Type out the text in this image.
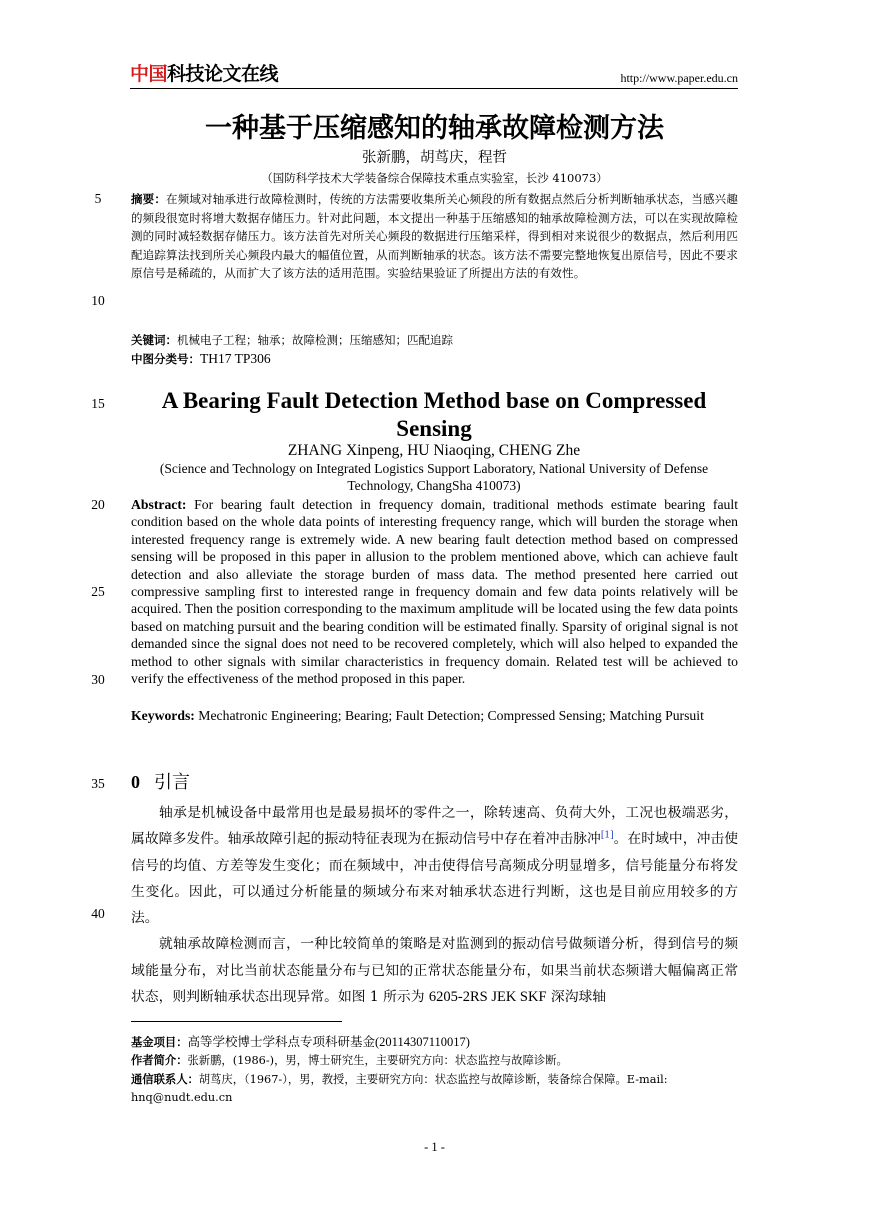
中国科技论文在线	http://www.paper.edu.cn
5
10
15
20
25
30
35
40
一种基于压缩感知的轴承故障检测方法
张新鹏，胡茑庆，程哲
（国防科学技术大学装备综合保障技术重点实验室，长沙 410073）
摘要：在频域对轴承进行故障检测时，传统的方法需要收集所关心频段的所有数据点然后分析判断轴承状态，当感兴趣的频段很宽时将增大数据存储压力。针对此问题，本文提出一种基于压缩感知的轴承故障检测方法，可以在实现故障检测的同时减轻数据存储压力。该方法首先对所关心频段的数据进行压缩采样，得到相对来说很少的数据点，然后利用匹配追踪算法找到所关心频段内最大的幅值位置，从而判断轴承的状态。该方法不需要完整地恢复出原信号，因此不要求原信号是稀疏的，从而扩大了该方法的适用范围。实验结果验证了所提出方法的有效性。
关键词：机械电子工程；轴承；故障检测；压缩感知；匹配追踪
中图分类号：TH17 TP306
A Bearing Fault Detection Method base on Compressed Sensing
ZHANG Xinpeng, HU Niaoqing, CHENG Zhe
(Science and Technology on Integrated Logistics Support Laboratory, National University of Defense Technology, ChangSha 410073)
Abstract: For bearing fault detection in frequency domain, traditional methods estimate bearing fault condition based on the whole data points of interesting frequency range, which will burden the storage when interested frequency range is extremely wide. A new bearing fault detection method based on compressed sensing will be proposed in this paper in allusion to the problem mentioned above, which can achieve fault detection and also alleviate the storage burden of mass data. The method presented here carried out compressive sampling first to interested range in frequency domain and few data points relatively will be acquired. Then the position corresponding to the maximum amplitude will be located using the few data points based on matching pursuit and the bearing condition will be estimated finally. Sparsity of original signal is not demanded since the signal does not need to be recovered completely, which will also helped to expanded the method to other signals with similar characteristics in frequency domain. Related test will be achieved to verify the effectiveness of the method proposed in this paper.
Keywords: Mechatronic Engineering; Bearing; Fault Detection; Compressed Sensing; Matching Pursuit
0 引言

轴承是机械设备中最常用也是最易损坏的零件之一，除转速高、负荷大外，工况也极端恶劣，属故障多发件。轴承故障引起的振动特征表现为在振动信号中存在着冲击脉冲[1]。在时域中，冲击使信号的均值、方差等发生变化；而在频域中，冲击使得信号高频成分明显增多，信号能量分布将发生变化。因此，可以通过分析能量的频域分布来对轴承状态进行判断，这也是目前应用较多的方法。

就轴承故障检测而言，一种比较简单的策略是对监测到的振动信号做频谱分析，得到信号的频域能量分布，对比当前状态能量分布与已知的正常状态能量分布，如果当前状态频谱大幅偏离正常状态，则判断轴承状态出现异常。如图 1 所示为 6205-2RS JEK SKF 深沟球轴

基金项目：高等学校博士学科点专项科研基金(20114307110017)
作者简介：张新鹏，(1986-)，男，博士研究生，主要研究方向：状态监控与故障诊断。
通信联系人：胡茑庆，（1967-），男，教授，主要研究方向：状态监控与故障诊断，装备综合保障。E-mail: hnq@nudt.edu.cn
- 1 -
